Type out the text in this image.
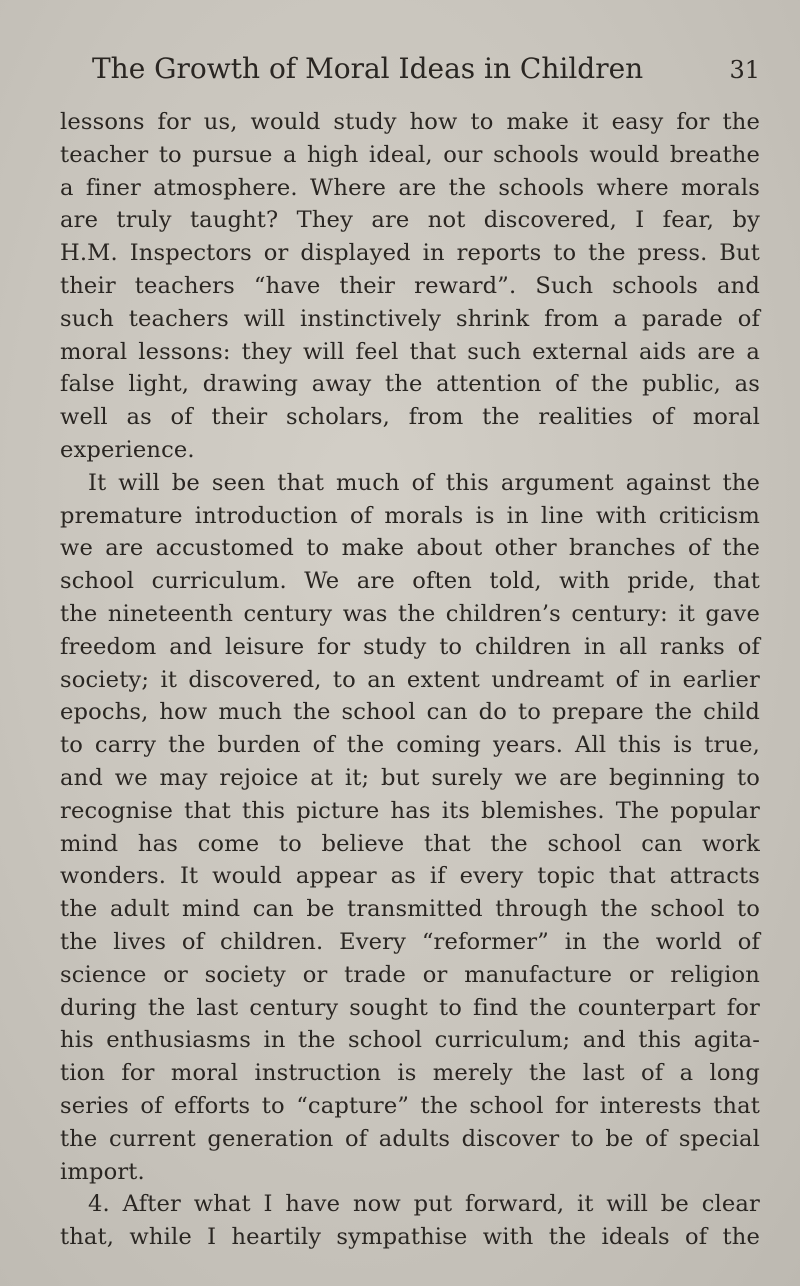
The Growth of Moral Ideas in Children	31
lessons for us, would study how to make it easy for the
teacher to pursue a high ideal, our schools would breathe
a finer atmosphere. Where are the schools where morals
are truly taught? They are not discovered, I fear, by
H.M. Inspectors or displayed in reports to the press. But
their teachers “have their reward”. Such schools and
such teachers will instinctively shrink from a parade of
moral lessons: they will feel that such external aids are a
false light, drawing away the attention of the public, as
well as of their scholars, from the realities of moral
experience.
It will be seen that much of this argument against the
premature introduction of morals is in line with criticism
we are accustomed to make about other branches of the
school curriculum. We are often told, with pride, that
the nineteenth century was the children’s century: it gave
freedom and leisure for study to children in all ranks of
society; it discovered, to an extent undreamt of in earlier
epochs, how much the school can do to prepare the child
to carry the burden of the coming years. All this is true,
and we may rejoice at it; but surely we are beginning to
recognise that this picture has its blemishes. The popular
mind has come to believe that the school can work
wonders. It would appear as if every topic that attracts
the adult mind can be transmitted through the school to
the lives of children. Every “reformer” in the world of
science or society or trade or manufacture or religion
during the last century sought to find the counterpart for
his enthusiasms in the school curriculum; and this agita-
tion for moral instruction is merely the last of a long
series of efforts to “capture” the school for interests that
the current generation of adults discover to be of special
import.
4. After what I have now put forward, it will be clear
that, while I heartily sympathise with the ideals of the
